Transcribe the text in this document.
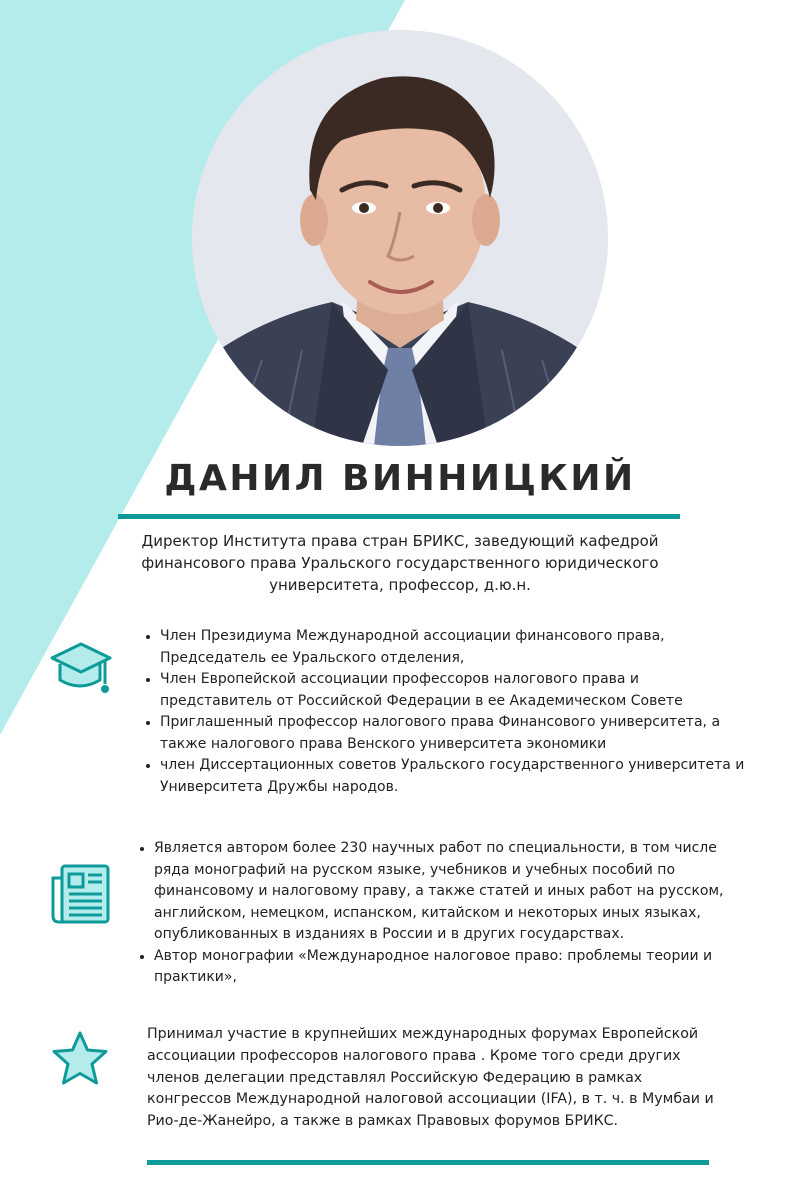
ДАНИЛ ВИННИЦКИЙ

Директор Института права стран БРИКС, заведующий кафедрой финансового права Уральского государственного юридического университета, профессор, д.ю.н.

• Член Президиума Международной ассоциации финансового права, Председатель ее Уральского отделения,
• Член Европейской ассоциации профессоров налогового права и представитель от Российской Федерации в ее Академическом Совете
• Приглашенный профессор налогового права Финансового университета, а также налогового права Венского университета экономики
• член Диссертационных советов Уральского государственного университета и Университета Дружбы народов.
• Является автором более 230 научных работ по специальности, в том числе ряда монографий на русском языке, учебников и учебных пособий по финансовому и налоговому праву, а также статей и иных работ на русском, английском, немецком, испанском, китайском и некоторых иных языках, опубликованных в изданиях в России и в других государствах.
• Автор монографии «Международное налоговое право: проблемы теории и практики»,

Принимал участие в крупнейших международных форумах Европейской ассоциации профессоров налогового права . Кроме того среди других членов делегации представлял Российскую Федерацию в рамках конгрессов Международной налоговой ассоциации (IFA), в т. ч. в Мумбаи и Рио-де-Жанейро, а также в рамках Правовых форумов БРИКС.
